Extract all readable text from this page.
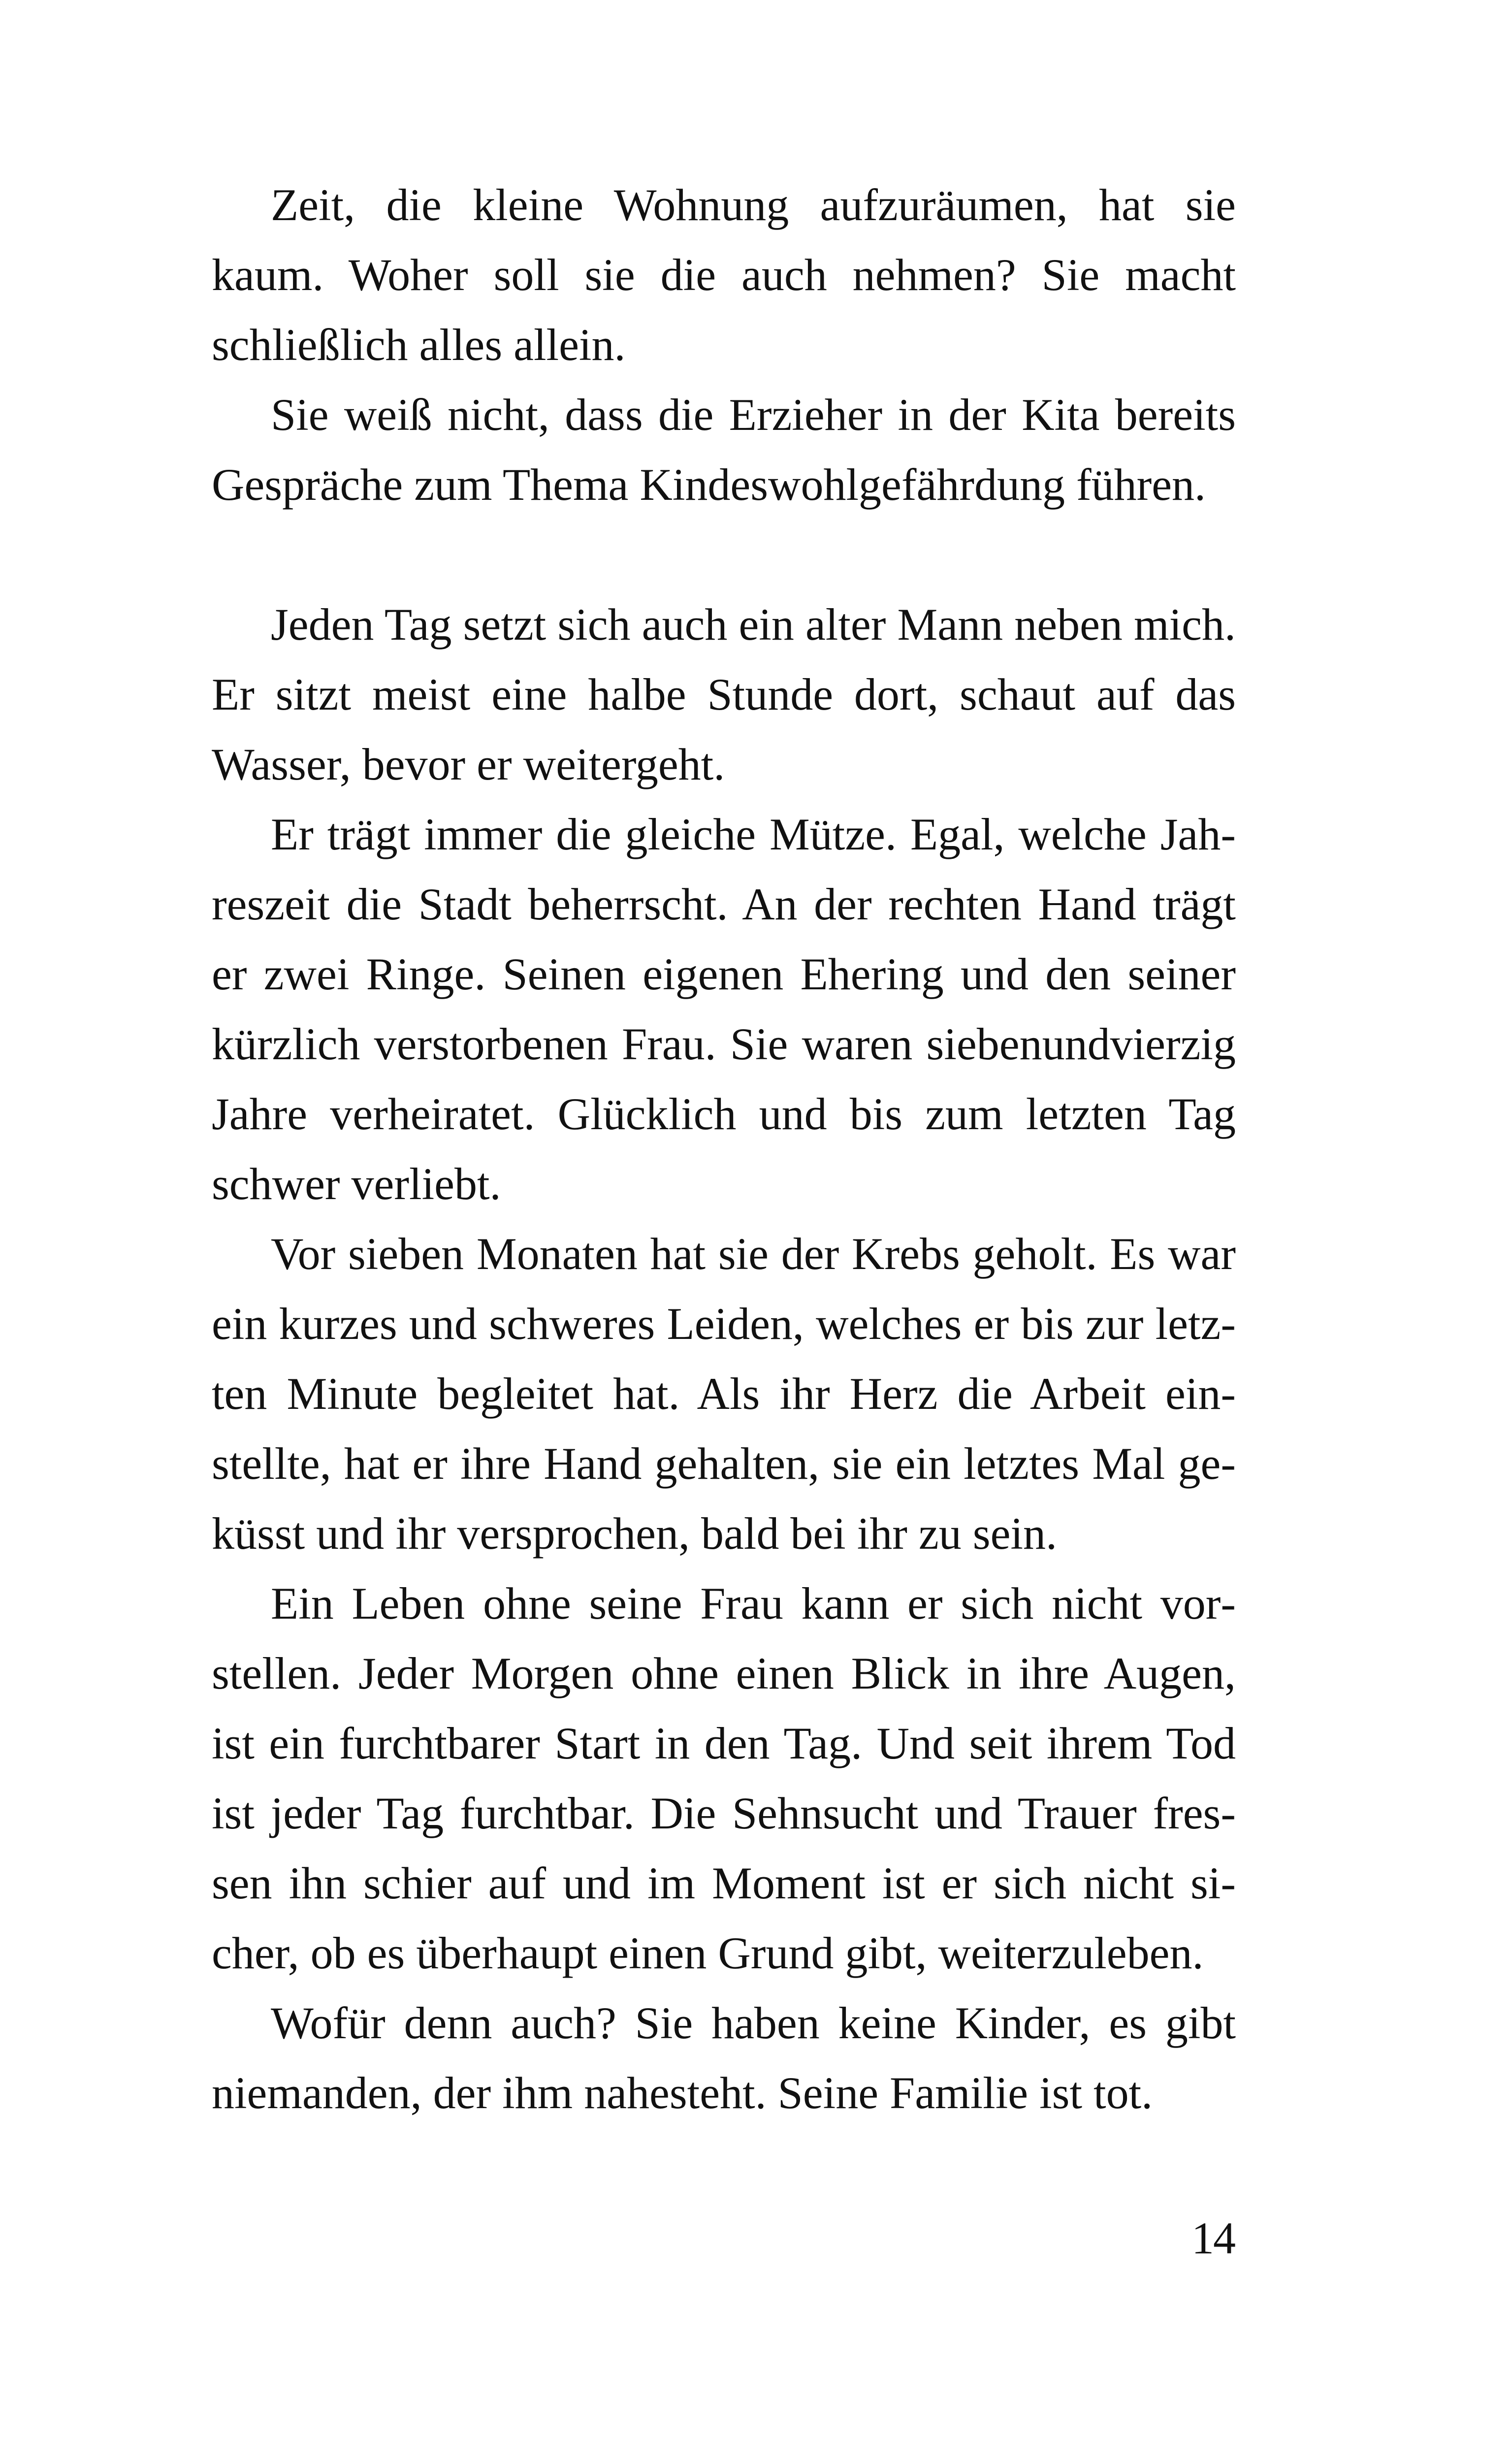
Zeit, die kleine Wohnung aufzuräumen, hat sie kaum. Woher soll sie die auch nehmen? Sie macht schließlich alles allein.

Sie weiß nicht, dass die Erzieher in der Kita bereits Gespräche zum Thema Kindeswohlgefährdung führen.

Jeden Tag setzt sich auch ein alter Mann neben mich. Er sitzt meist eine halbe Stunde dort, schaut auf das Wasser, bevor er weitergeht.

Er trägt immer die gleiche Mütze. Egal, welche Jahreszeit die Stadt beherrscht. An der rechten Hand trägt er zwei Ringe. Seinen eigenen Ehering und den seiner kürzlich verstorbenen Frau. Sie waren siebenundvierzig Jahre verheiratet. Glücklich und bis zum letzten Tag schwer verliebt.

Vor sieben Monaten hat sie der Krebs geholt. Es war ein kurzes und schweres Leiden, welches er bis zur letzten Minute begleitet hat. Als ihr Herz die Arbeit einstellte, hat er ihre Hand gehalten, sie ein letztes Mal geküsst und ihr versprochen, bald bei ihr zu sein.

Ein Leben ohne seine Frau kann er sich nicht vorstellen. Jeder Morgen ohne einen Blick in ihre Augen, ist ein furchtbarer Start in den Tag. Und seit ihrem Tod ist jeder Tag furchtbar. Die Sehnsucht und Trauer fressen ihn schier auf und im Moment ist er sich nicht sicher, ob es überhaupt einen Grund gibt, weiterzuleben.

Wofür denn auch? Sie haben keine Kinder, es gibt niemanden, der ihm nahesteht. Seine Familie ist tot.

14
